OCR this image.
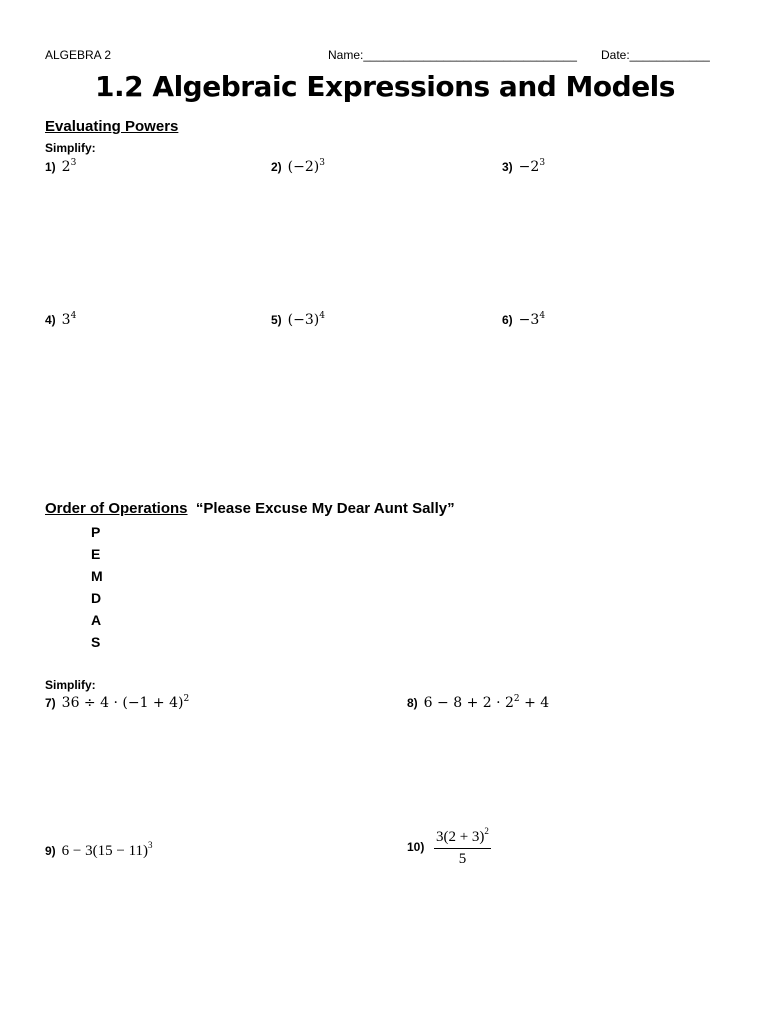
ALGEBRA 2	Name:________________________________ Date:____________
1.2 Algebraic Expressions and Models
Evaluating Powers
Simplify:
1) $2^3$	2) $(-2)^3$	$3) -2^3$
4) $3^4$	5) $(-3)^4$	$6) -3^4$
Order of Operations “Please Excuse My Dear Aunt Sally”
P
E
M
D
A
S
Simplify:
7) $36 \div 4 \cdot (-1 + 4)^2$	8) $6 - 8 + 2 \cdot 2^2 + 4$
9) $6 - 3(15 - 11)^3$	$10) \frac{3(2 + 3)^2}{5}$
